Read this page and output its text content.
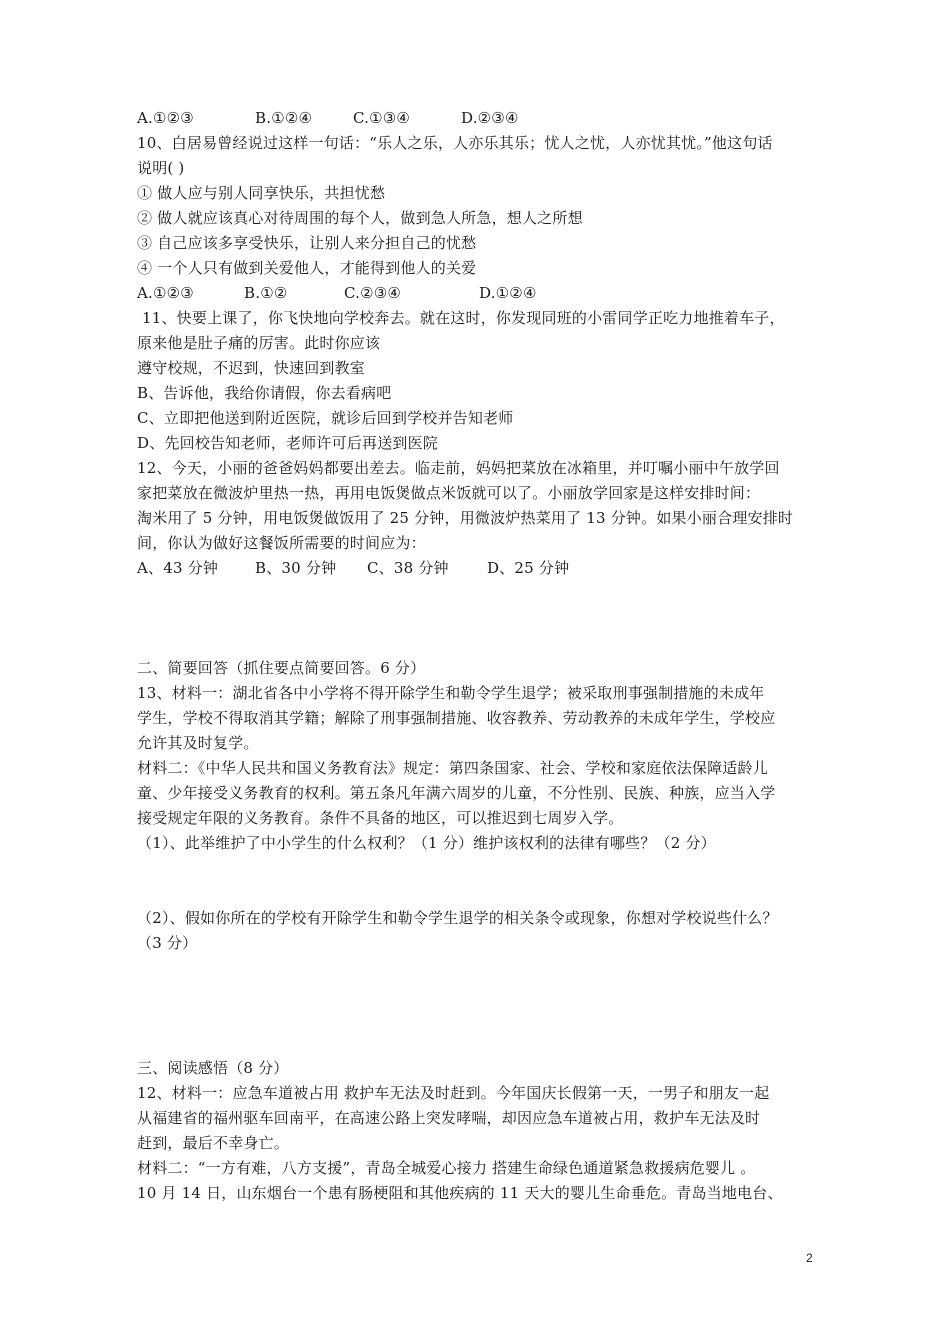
A.①②③	B.①②④	C.①③④	D.②③④
10、白居易曾经说过这样一句话：“乐人之乐，人亦乐其乐；忧人之忧，人亦忧其忧。”他这句话
说明( )
① 做人应与别人同享快乐，共担忧愁
② 做人就应该真心对待周围的每个人，做到急人所急，想人之所想
③ 自己应该多享受快乐，让别人来分担自己的忧愁
④ 一个人只有做到关爱他人，才能得到他人的关爱
A.①②③	B.①②	C.②③④	D.①②④
11、快要上课了，你飞快地向学校奔去。就在这时，你发现同班的小雷同学正吃力地推着车子，
原来他是肚子痛的厉害。此时你应该
遵守校规，不迟到，快速回到教室
B、告诉他，我给你请假，你去看病吧
C、立即把他送到附近医院，就诊后回到学校并告知老师
D、先回校告知老师，老师许可后再送到医院
12、今天，小丽的爸爸妈妈都要出差去。临走前，妈妈把菜放在冰箱里，并叮嘱小丽中午放学回
家把菜放在微波炉里热一热，再用电饭煲做点米饭就可以了。小丽放学回家是这样安排时间：
淘米用了 5 分钟，用电饭煲做饭用了 25 分钟，用微波炉热菜用了 13 分钟。如果小丽合理安排时
间，你认为做好这餐饭所需要的时间应为：
A、43 分钟 B、30 分钟 C、38 分钟	D、25 分钟
二、简要回答（抓住要点简要回答。6 分）
13、材料一：湖北省各中小学将不得开除学生和勒令学生退学；被采取刑事强制措施的未成年
学生，学校不得取消其学籍；解除了刑事强制措施、收容教养、劳动教养的未成年学生，学校应
允许其及时复学。
材料二：《中华人民共和国义务教育法》规定：第四条国家、社会、学校和家庭依法保障适龄儿
童、少年接受义务教育的权利。第五条凡年满六周岁的儿童，不分性别、民族、种族，应当入学
接受规定年限的义务教育。条件不具备的地区，可以推迟到七周岁入学。
（1）、此举维护了中小学生的什么权利？（1 分）维护该权利的法律有哪些？（2 分）
（2）、假如你所在的学校有开除学生和勒令学生退学的相关条令或现象，你想对学校说些什么？
（3 分）
三、阅读感悟（8 分）
12、材料一：应急车道被占用 救护车无法及时赶到。今年国庆长假第一天，一男子和朋友一起
从福建省的福州驱车回南平，在高速公路上突发哮喘，却因应急车道被占用，救护车无法及时
赶到，最后不幸身亡。
材料二：“一方有难，八方支援”，青岛全城爱心接力 搭建生命绿色通道紧急救援病危婴儿 。
10 月 14 日，山东烟台一个患有肠梗阻和其他疾病的 11 天大的婴儿生命垂危。青岛当地电台、
2
